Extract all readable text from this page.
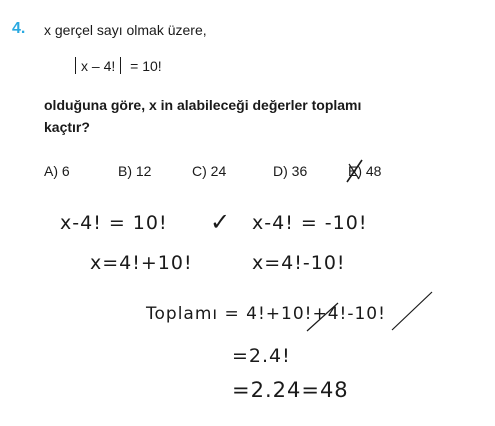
4. x gerçel sayı olmak üzere,
x – 4! = 10!
olduğuna göre, x in alabileceği değerler toplamı
kaçtır?
A) 6	B) 12	C) 24	D) 36	E) 48
x-4! = 10! ✓ x-4! = -10!
x=4!+10!	x=4!-10!
Toplamı = 4!+10!+4!-10!
=2.4!
=2.24=48
